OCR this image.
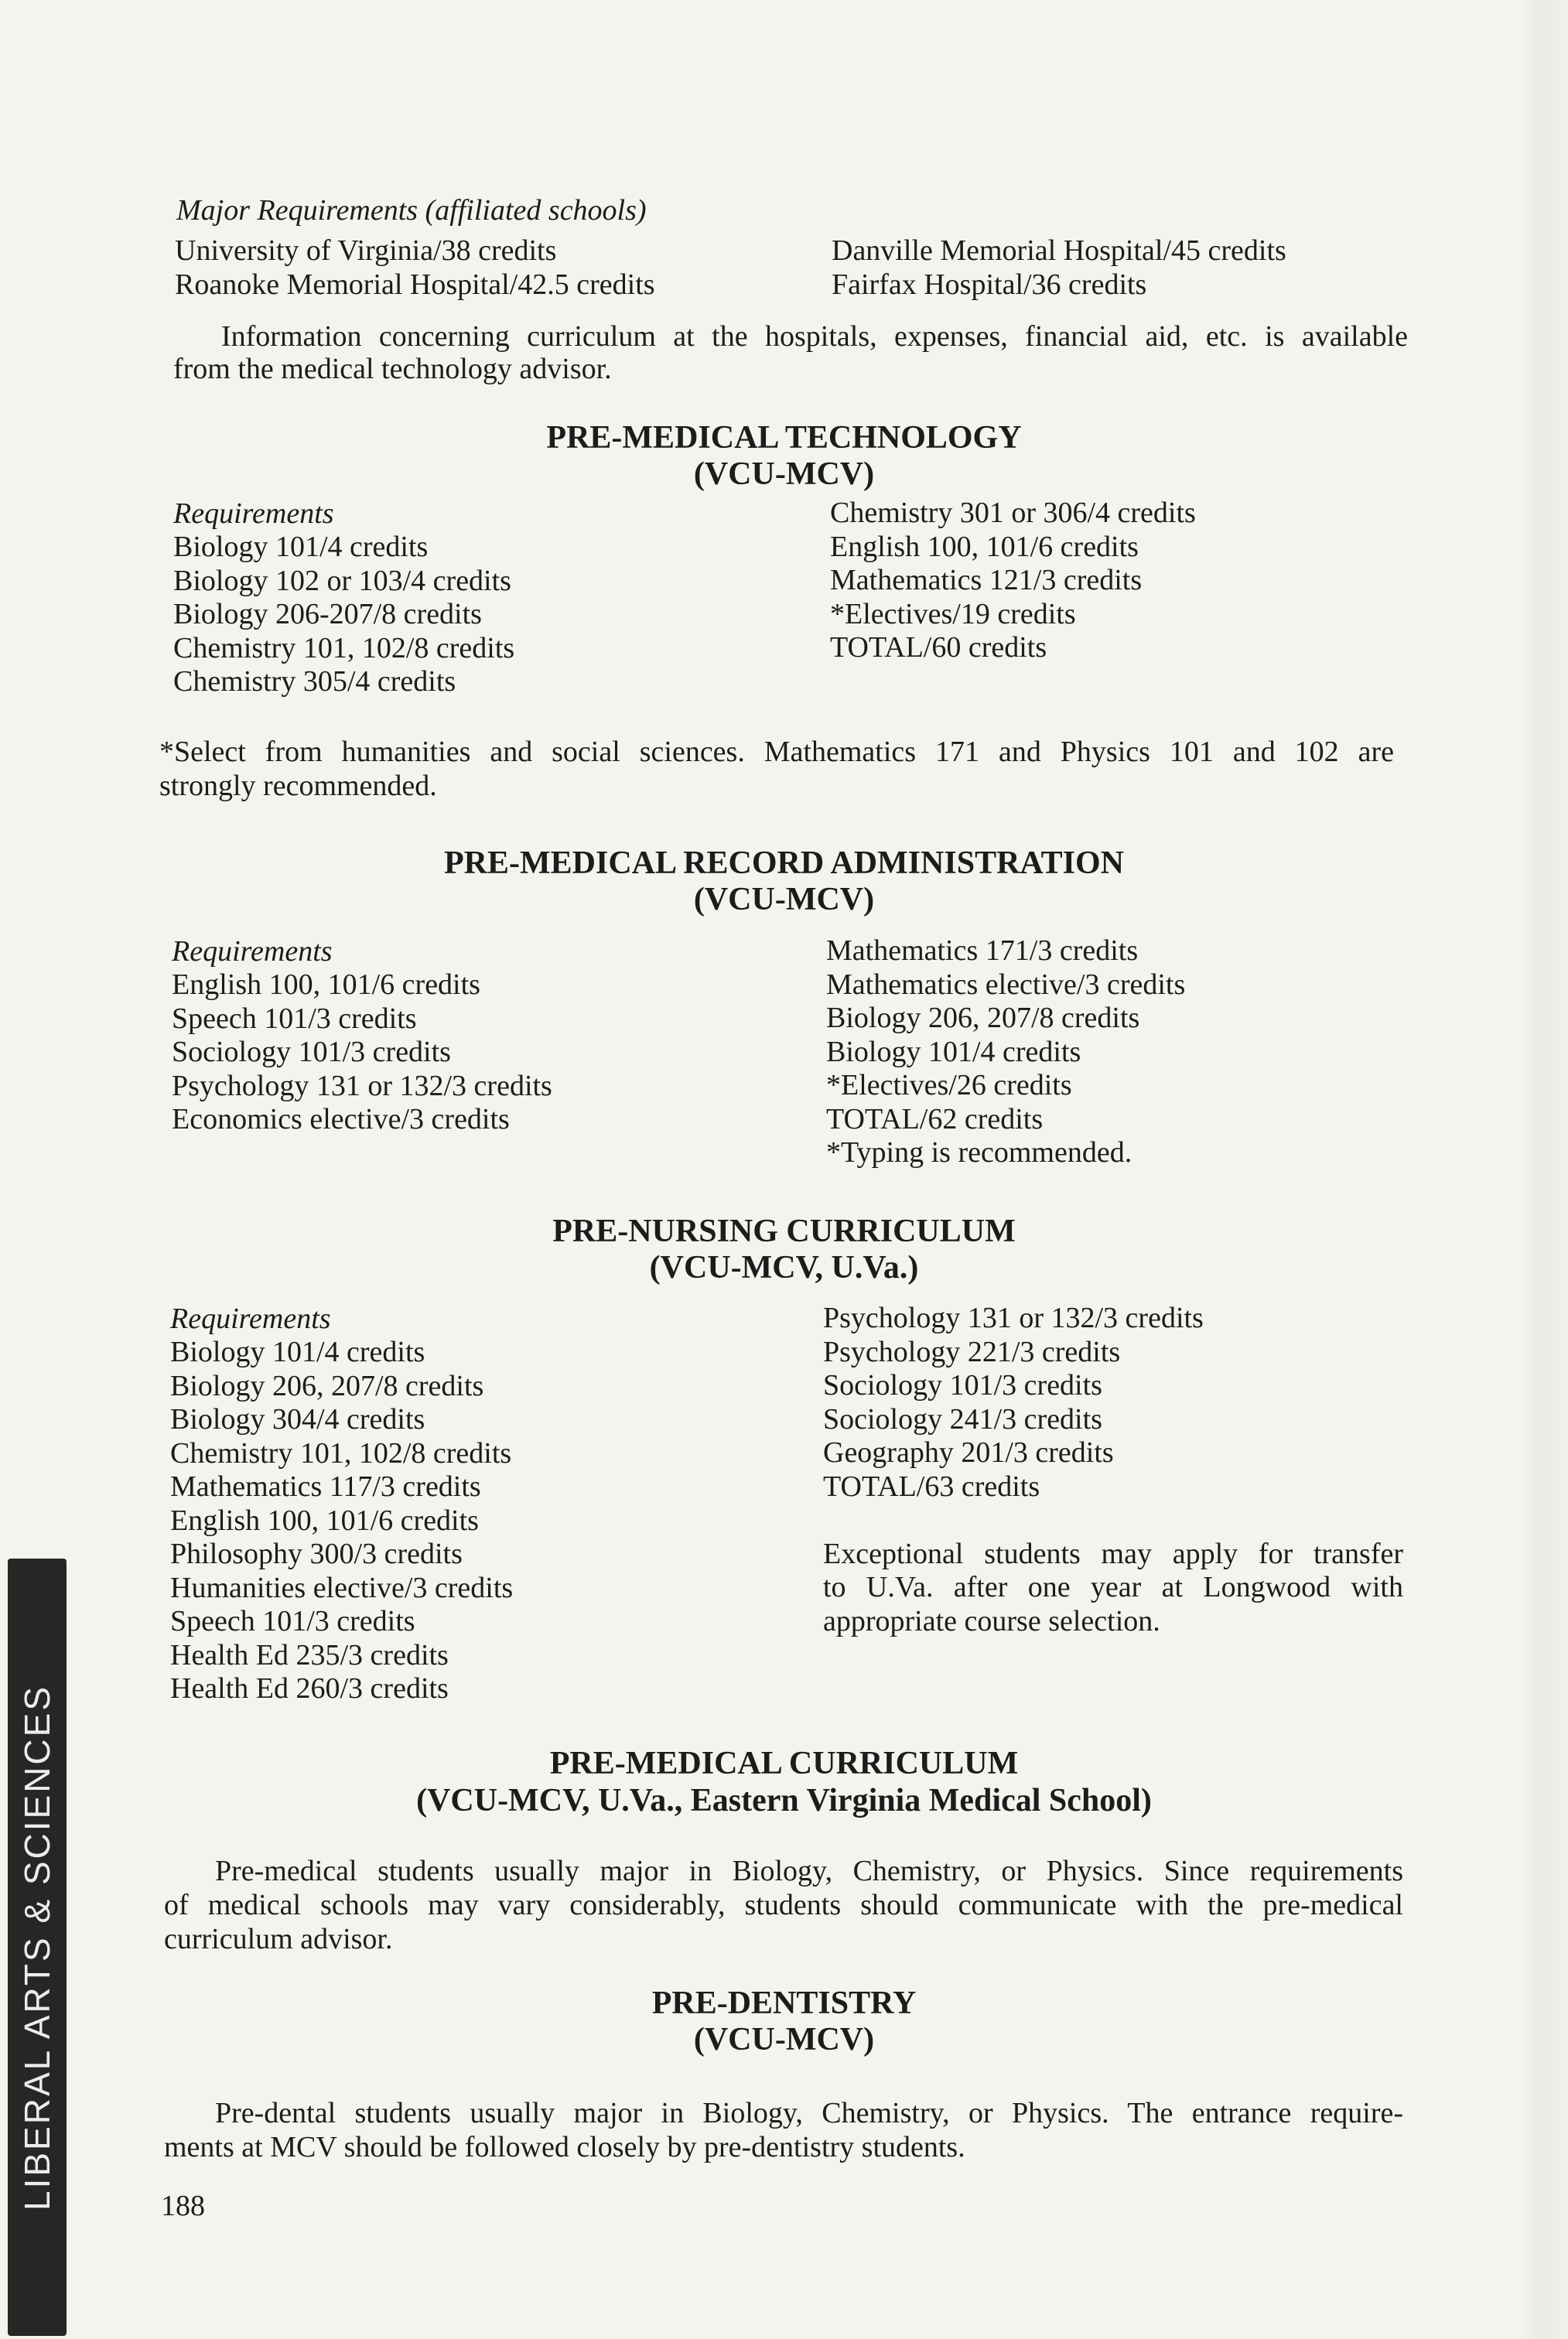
LIBERAL ARTS & SCIENCES
Major Requirements (affiliated schools)
University of Virginia/38 credits
Roanoke Memorial Hospital/42.5 credits
Danville Memorial Hospital/45 credits
Fairfax Hospital/36 credits
Information concerning curriculum at the hospitals, expenses, financial aid, etc. is available
from the medical technology advisor.
PRE-MEDICAL TECHNOLOGY
(VCU-MCV)
Requirements
Biology 101/4 credits
Biology 102 or 103/4 credits
Biology 206-207/8 credits
Chemistry 101, 102/8 credits
Chemistry 305/4 credits
Chemistry 301 or 306/4 credits
English 100, 101/6 credits
Mathematics 121/3 credits
*Electives/19 credits
TOTAL/60 credits
*Select from humanities and social sciences. Mathematics 171 and Physics 101 and 102 are
strongly recommended.
PRE-MEDICAL RECORD ADMINISTRATION
(VCU-MCV)
Requirements
English 100, 101/6 credits
Speech 101/3 credits
Sociology 101/3 credits
Psychology 131 or 132/3 credits
Economics elective/3 credits
Mathematics 171/3 credits
Mathematics elective/3 credits
Biology 206, 207/8 credits
Biology 101/4 credits
*Electives/26 credits
TOTAL/62 credits
*Typing is recommended.
PRE-NURSING CURRICULUM
(VCU-MCV, U.Va.)
Requirements
Biology 101/4 credits
Biology 206, 207/8 credits
Biology 304/4 credits
Chemistry 101, 102/8 credits
Mathematics 117/3 credits
English 100, 101/6 credits
Philosophy 300/3 credits
Humanities elective/3 credits
Speech 101/3 credits
Health Ed 235/3 credits
Health Ed 260/3 credits
Psychology 131 or 132/3 credits
Psychology 221/3 credits
Sociology 101/3 credits
Sociology 241/3 credits
Geography 201/3 credits
TOTAL/63 credits
Exceptional students may apply for transfer
to U.Va. after one year at Longwood with
appropriate course selection.
PRE-MEDICAL CURRICULUM
(VCU-MCV, U.Va., Eastern Virginia Medical School)
Pre-medical students usually major in Biology, Chemistry, or Physics. Since requirements
of medical schools may vary considerably, students should communicate with the pre-medical
curriculum advisor.
PRE-DENTISTRY
(VCU-MCV)
Pre-dental students usually major in Biology, Chemistry, or Physics. The entrance require-
ments at MCV should be followed closely by pre-dentistry students.
188
